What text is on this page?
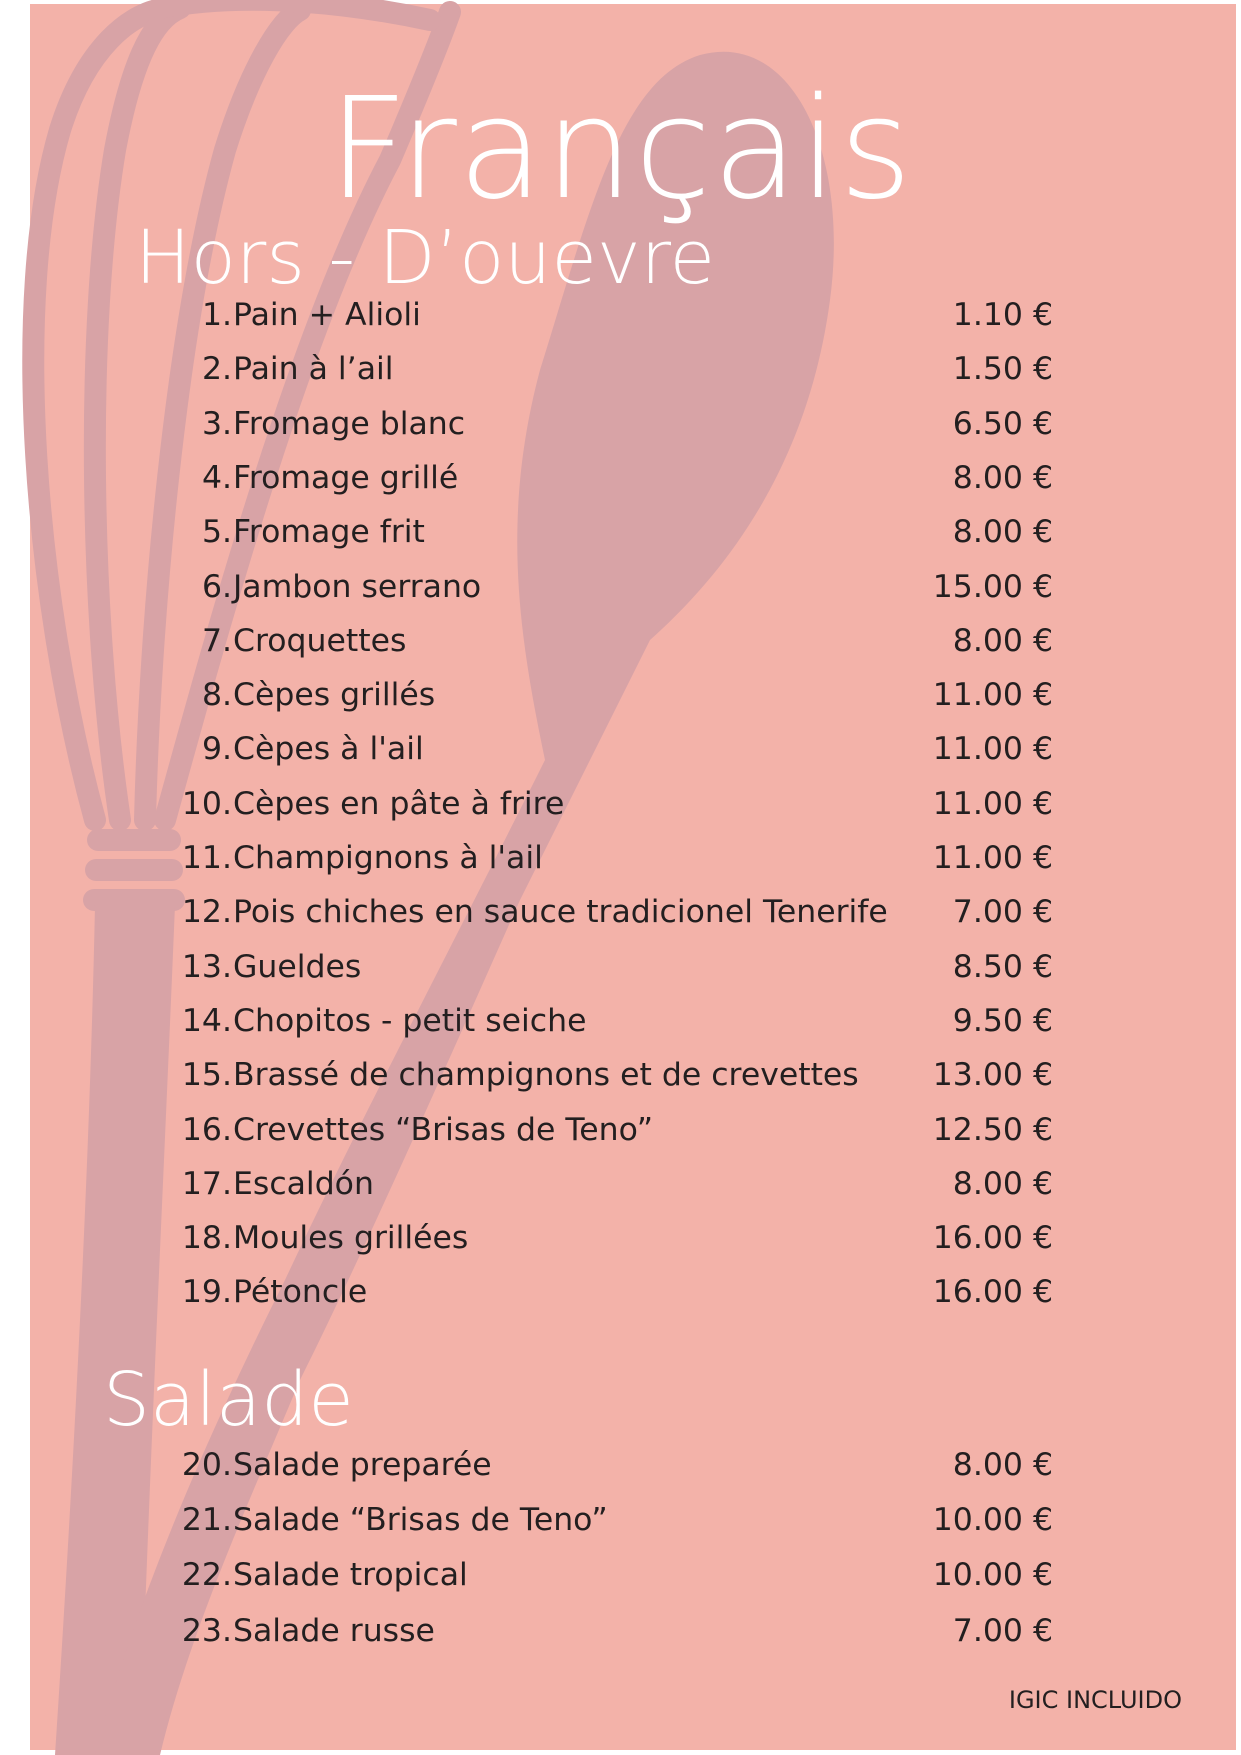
Français
Hors - D’ouevre
Salade
1. Pain + Alioli	1.10 €
2. Pain à l’ail	1.50 €
3. Fromage blanc	6.50 €
4. Fromage grillé	8.00 €
5. Fromage frit	8.00 €
6. Jambon serrano	15.00 €
7. Croquettes	8.00 €
8. Cèpes grillés	11.00 €
9. Cèpes à l'ail	11.00 €
10. Cèpes en pâte à frire	11.00 €
11. Champignons à l'ail	11.00 €
12. Pois chiches en sauce tradicionel Tenerife 7.00 €
13. Gueldes	8.50 €
14. Chopitos - petit seiche	9.50 €
15. Brassé de champignons et de crevettes 13.00 €
16. Crevettes “Brisas de Teno”	12.50 €
17. Escaldón	8.00 €
18. Moules grillées	16.00 €
19. Pétoncle	16.00 €
20. Salade preparée	8.00 €
21. Salade “Brisas de Teno”	10.00 €
22. Salade tropical	10.00 €
23. Salade russe	7.00 €
IGIC INCLUIDO
